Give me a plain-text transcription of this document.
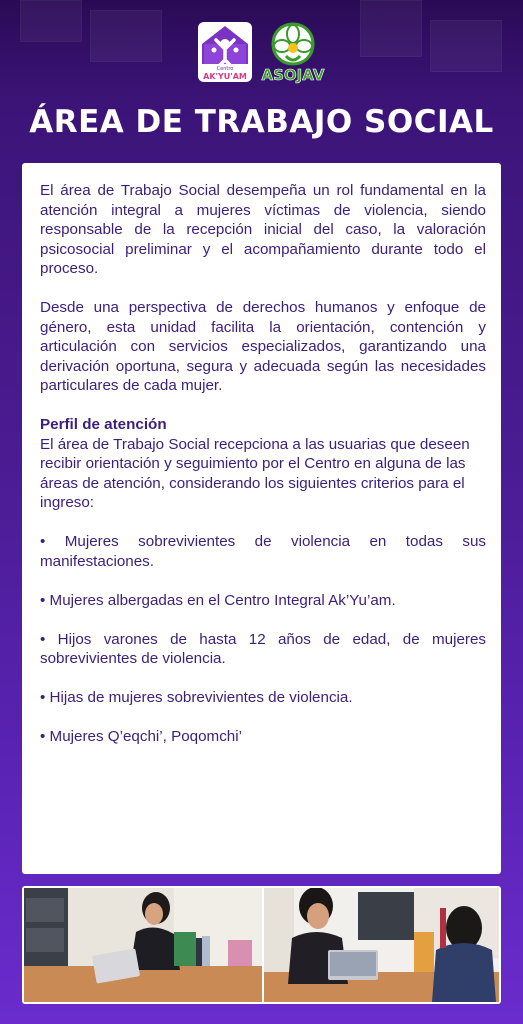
Centro
AK'YU'AM ASOJAV
ÁREA DE TRABAJO SOCIAL

El área de Trabajo Social desempeña un rol fundamental en la atención integral a mujeres víctimas de violencia, siendo responsable de la recepción inicial del caso, la valoración psicosocial preliminar y el acompañamiento durante todo el proceso.

Desde una perspectiva de derechos humanos y enfoque de género, esta unidad facilita la orientación, contención y articulación con servicios especializados, garantizando una derivación oportuna, segura y adecuada según las necesidades particulares de cada mujer.

Perfil de atención
El área de Trabajo Social recepciona a las usuarias que deseen recibir orientación y seguimiento por el Centro en alguna de las áreas de atención, considerando los siguientes criterios para el ingreso:

• Mujeres sobrevivientes de violencia en todas sus manifestaciones.

• Mujeres albergadas en el Centro Integral Ak’Yu’am.

• Hijos varones de hasta 12 años de edad, de mujeres sobrevivientes de violencia.

• Hijas de mujeres sobrevivientes de violencia.

• Mujeres Q’eqchi’, Poqomchi’
